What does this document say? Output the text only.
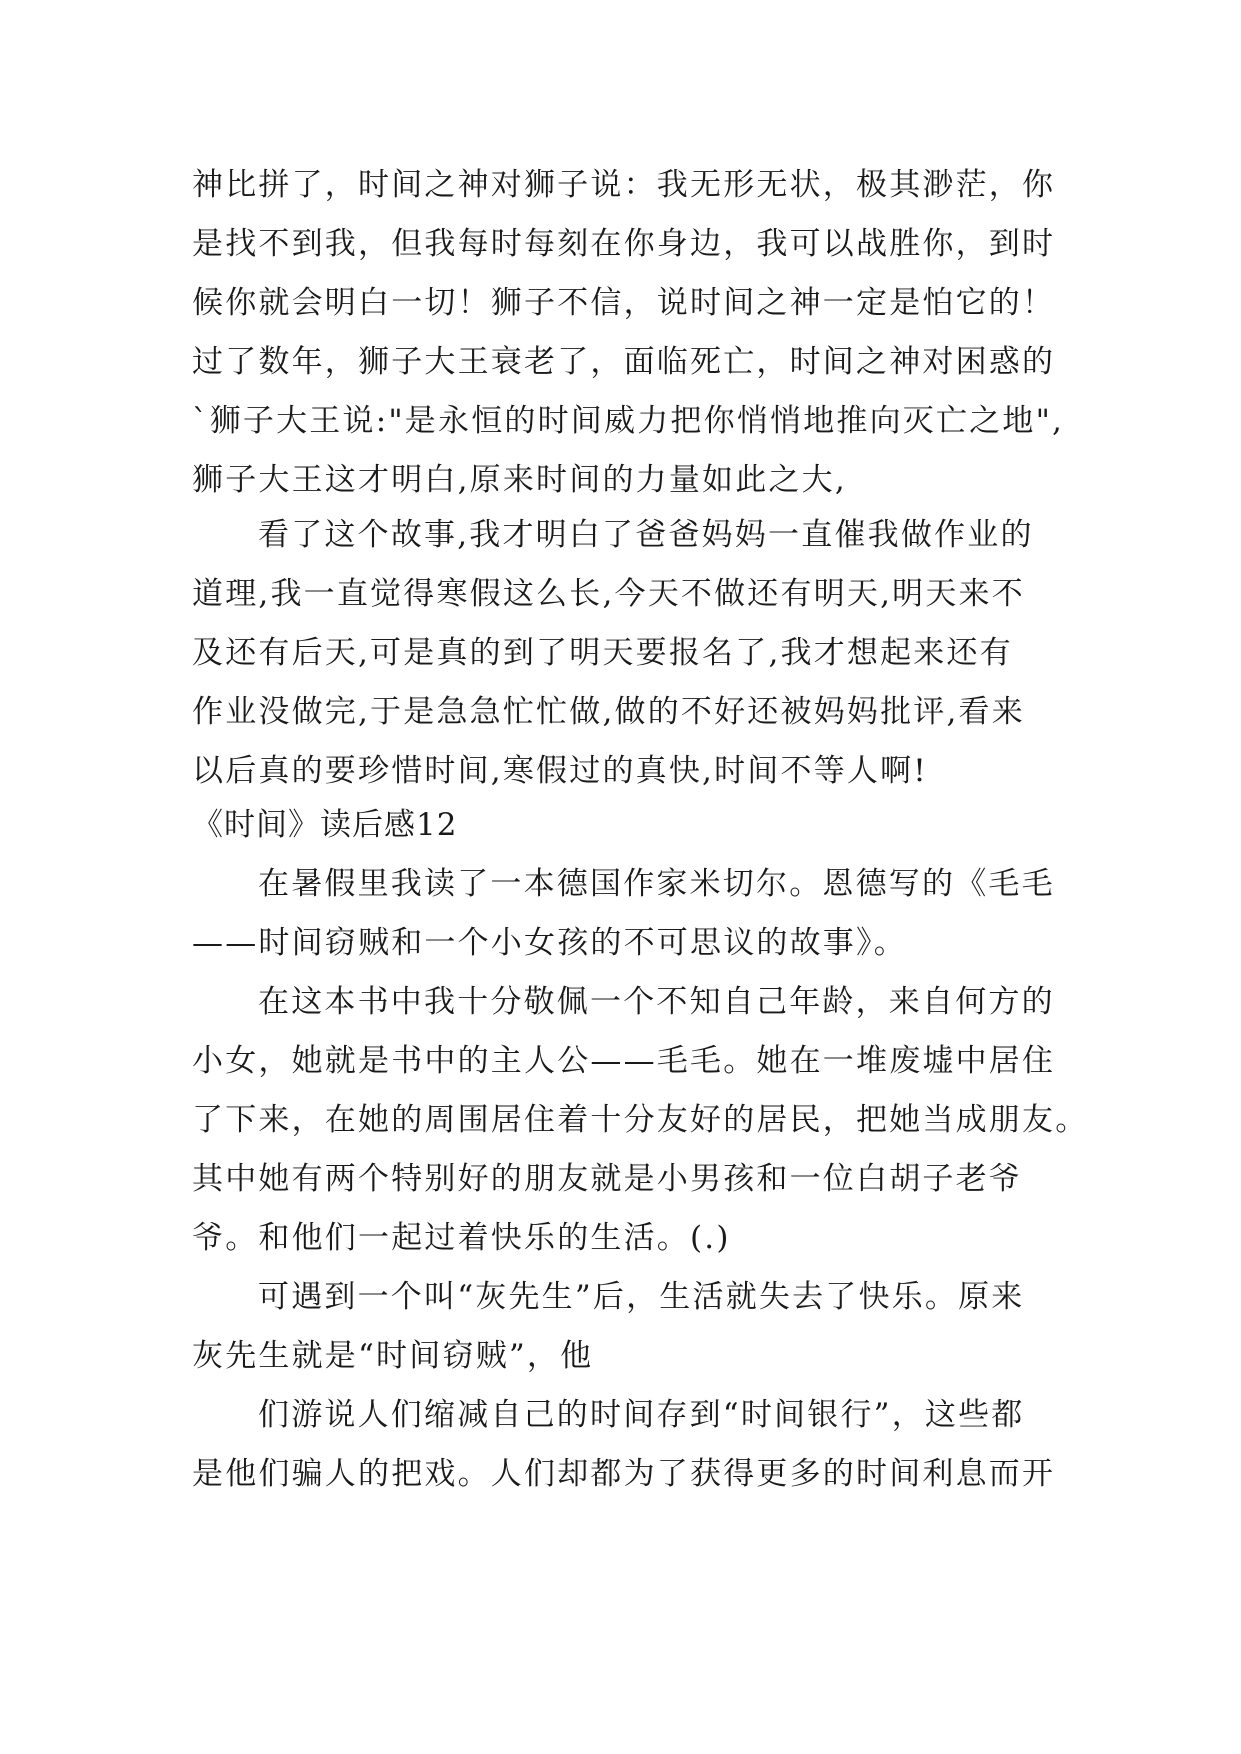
神比拼了，时间之神对狮子说：我无形无状，极其渺茫，你
是找不到我，但我每时每刻在你身边，我可以战胜你，到时
候你就会明白一切！狮子不信，说时间之神一定是怕它的！
过了数年，狮子大王衰老了，面临死亡，时间之神对困惑的
`狮子大王说:"是永恒的时间威力把你悄悄地推向灭亡之地",
狮子大王这才明白,原来时间的力量如此之大,
看了这个故事,我才明白了爸爸妈妈一直催我做作业的
道理,我一直觉得寒假这么长,今天不做还有明天,明天来不
及还有后天,可是真的到了明天要报名了,我才想起来还有
作业没做完,于是急急忙忙做,做的不好还被妈妈批评,看来
以后真的要珍惜时间,寒假过的真快,时间不等人啊!
《时间》读后感12
在暑假里我读了一本德国作家米切尔。恩德写的《毛毛
——时间窃贼和一个小女孩的不可思议的故事》。
在这本书中我十分敬佩一个不知自己年龄，来自何方的
小女，她就是书中的主人公——毛毛。她在一堆废墟中居住
了下来，在她的周围居住着十分友好的居民，把她当成朋友。
其中她有两个特别好的朋友就是小男孩和一位白胡子老爷
爷。和他们一起过着快乐的生活。(.)
可遇到一个叫“灰先生”后，生活就失去了快乐。原来
灰先生就是“时间窃贼”，他
们游说人们缩减自己的时间存到“时间银行”，这些都
是他们骗人的把戏。人们却都为了获得更多的时间利息而开
